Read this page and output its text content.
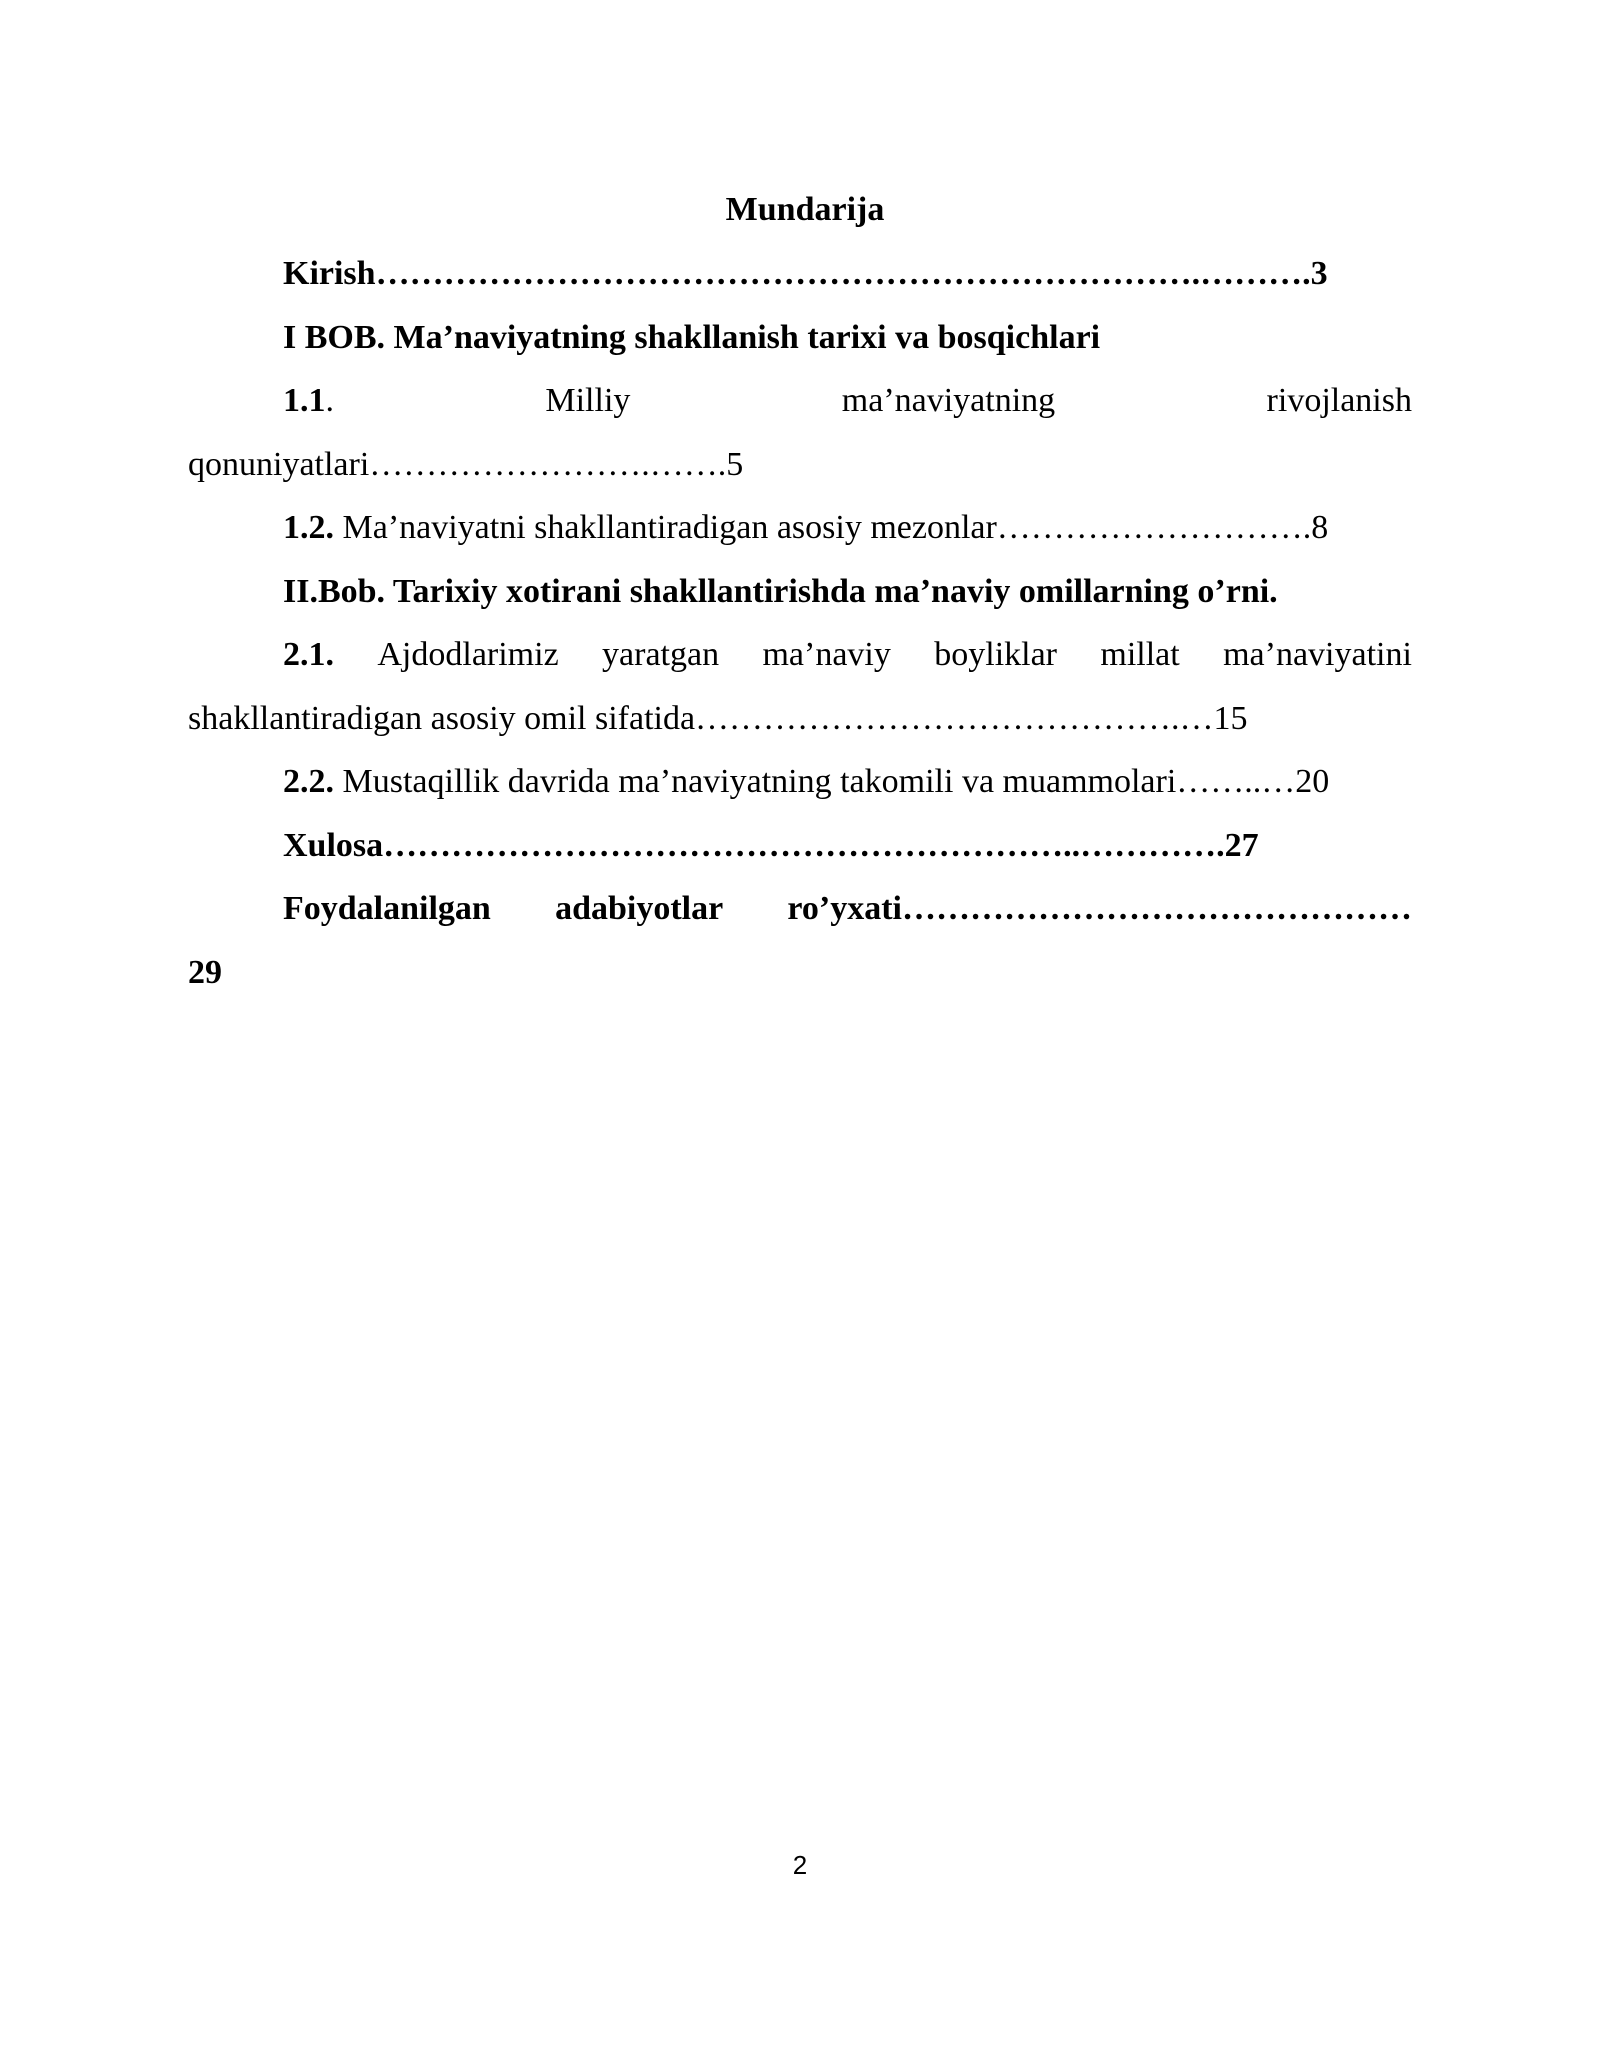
Mundarija

Kirish……………………………………………………………….……….3

I BOB. Ma’naviyatning shakllanish tarixi va bosqichlari

1.1.	Milliy	ma’naviyatning	rivojlanish

qonuniyatlari…………………….…….5

1.2. Ma’naviyatni shakllantiradigan asosiy mezonlar……………………….8

II.Bob. Tarixiy xotirani shakllantirishda ma’naviy omillarning o’rni.

2.1. Ajdodlarimiz yaratgan ma’naviy boyliklar millat ma’naviyatini

shakllantiradigan asosiy omil sifatida…………………………………….…15

2.2. Mustaqillik davrida ma’naviyatning takomili va muammolari……..…20

Xulosa……………………………………………………..………….27

Foydalanilgan adabiyotlar ro’yxati………………………………………

29

2
